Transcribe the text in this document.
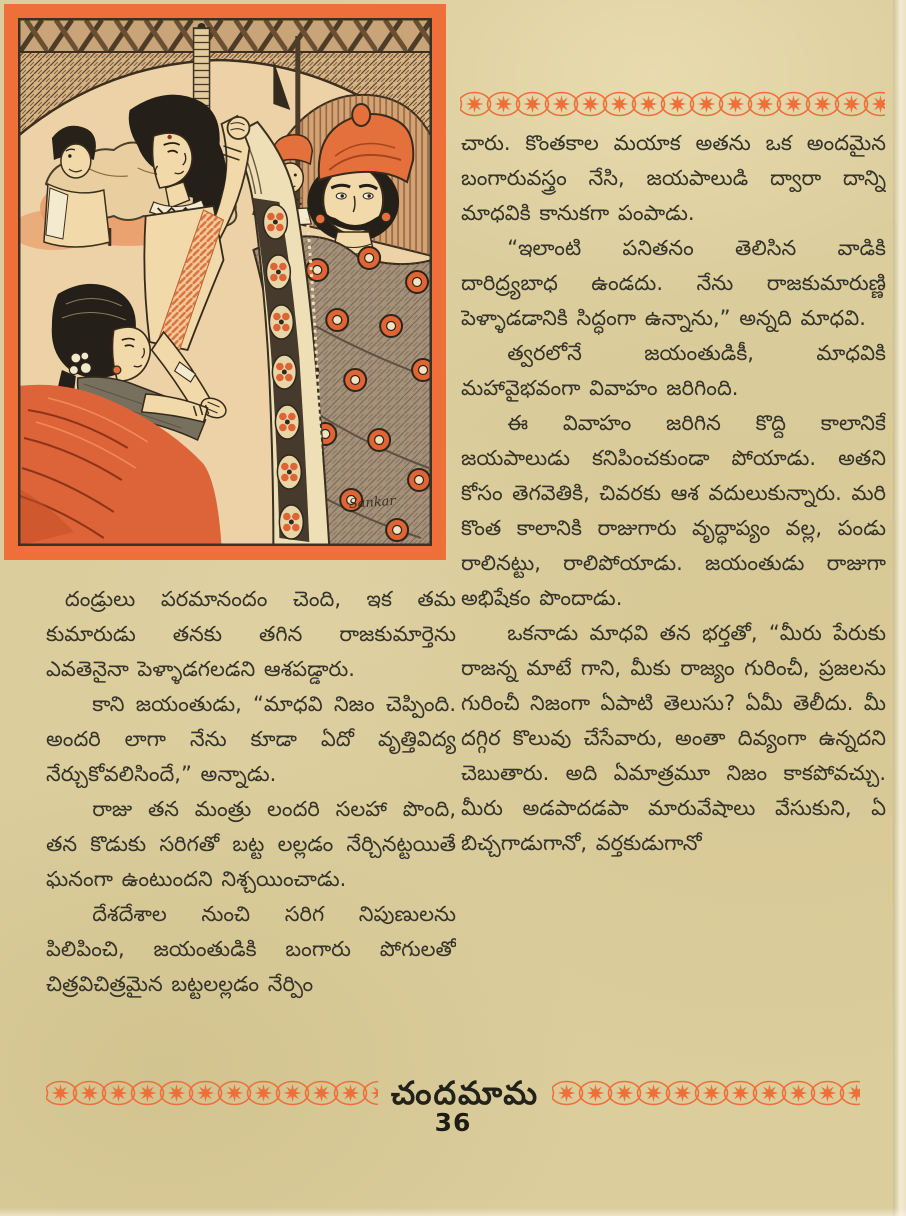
Sankar

చారు. కొంతకాల మయాక అతను ఒక అందమైన బంగారువస్త్రం నేసి, జయపాలుడి ద్వారా దాన్ని మాధవికి కానుకగా పంపాడు.

“ఇలాంటి పనితనం తెలిసిన వాడికి దారిద్ర్యబాధ ఉండదు. నేను రాజకుమారుణ్ణి పెళ్ళాడడానికి సిద్ధంగా ఉన్నాను,” అన్నది మాధవి.

త్వరలోనే జయంతుడికీ, మాధవికి మహావైభవంగా వివాహం జరిగింది.

ఈ వివాహం జరిగిన కొద్ది కాలానికే జయపాలుడు కనిపించకుండా పోయాడు. అతని కోసం తెగవెతికి, చివరకు ఆశ వదులుకున్నారు. మరి కొంత కాలానికి రాజుగారు వృద్ధాప్యం వల్ల, పండు రాలినట్టు, రాలిపోయాడు. జయంతుడు రాజుగా అభిషేకం పొందాడు.

ఒకనాడు మాధవి తన భర్తతో, “మీరు పేరుకు రాజన్న మాటే గాని, మీకు రాజ్యం గురించీ, ప్రజలను గురించీ నిజంగా ఏపాటి తెలుసు? ఏమీ తెలీదు. మీ దగ్గిర కొలువు చేసేవారు, అంతా దివ్యంగా ఉన్నదని చెబుతారు. అది ఏమాత్రమూ నిజం కాకపోవచ్చు. మీరు అడపాదడపా మారువేషాలు వేసుకుని, ఏ బిచ్చగాడుగానో, వర్తకుడుగానో

దండ్రులు పరమానందం చెంది, ఇక తమ కుమారుడు తనకు తగిన రాజకుమార్తెను ఎవతెనైనా పెళ్ళాడగలడని ఆశపడ్డారు.

కాని జయంతుడు, “మాధవి నిజం చెప్పింది. అందరి లాగా నేను కూడా ఏదో వృత్తివిద్య నేర్చుకోవలిసిందే,” అన్నాడు.

రాజు తన మంత్రు లందరి సలహా పొంది, తన కొడుకు సరిగతో బట్ట లల్లడం నేర్చినట్టయితే ఘనంగా ఉంటుందని నిశ్చయించాడు.

దేశదేశాల నుంచి సరిగ నిపుణులను పిలిపించి, జయంతుడికి బంగారు పోగులతో చిత్రవిచిత్రమైన బట్టలల్లడం నేర్పిం

చందమామ
36
